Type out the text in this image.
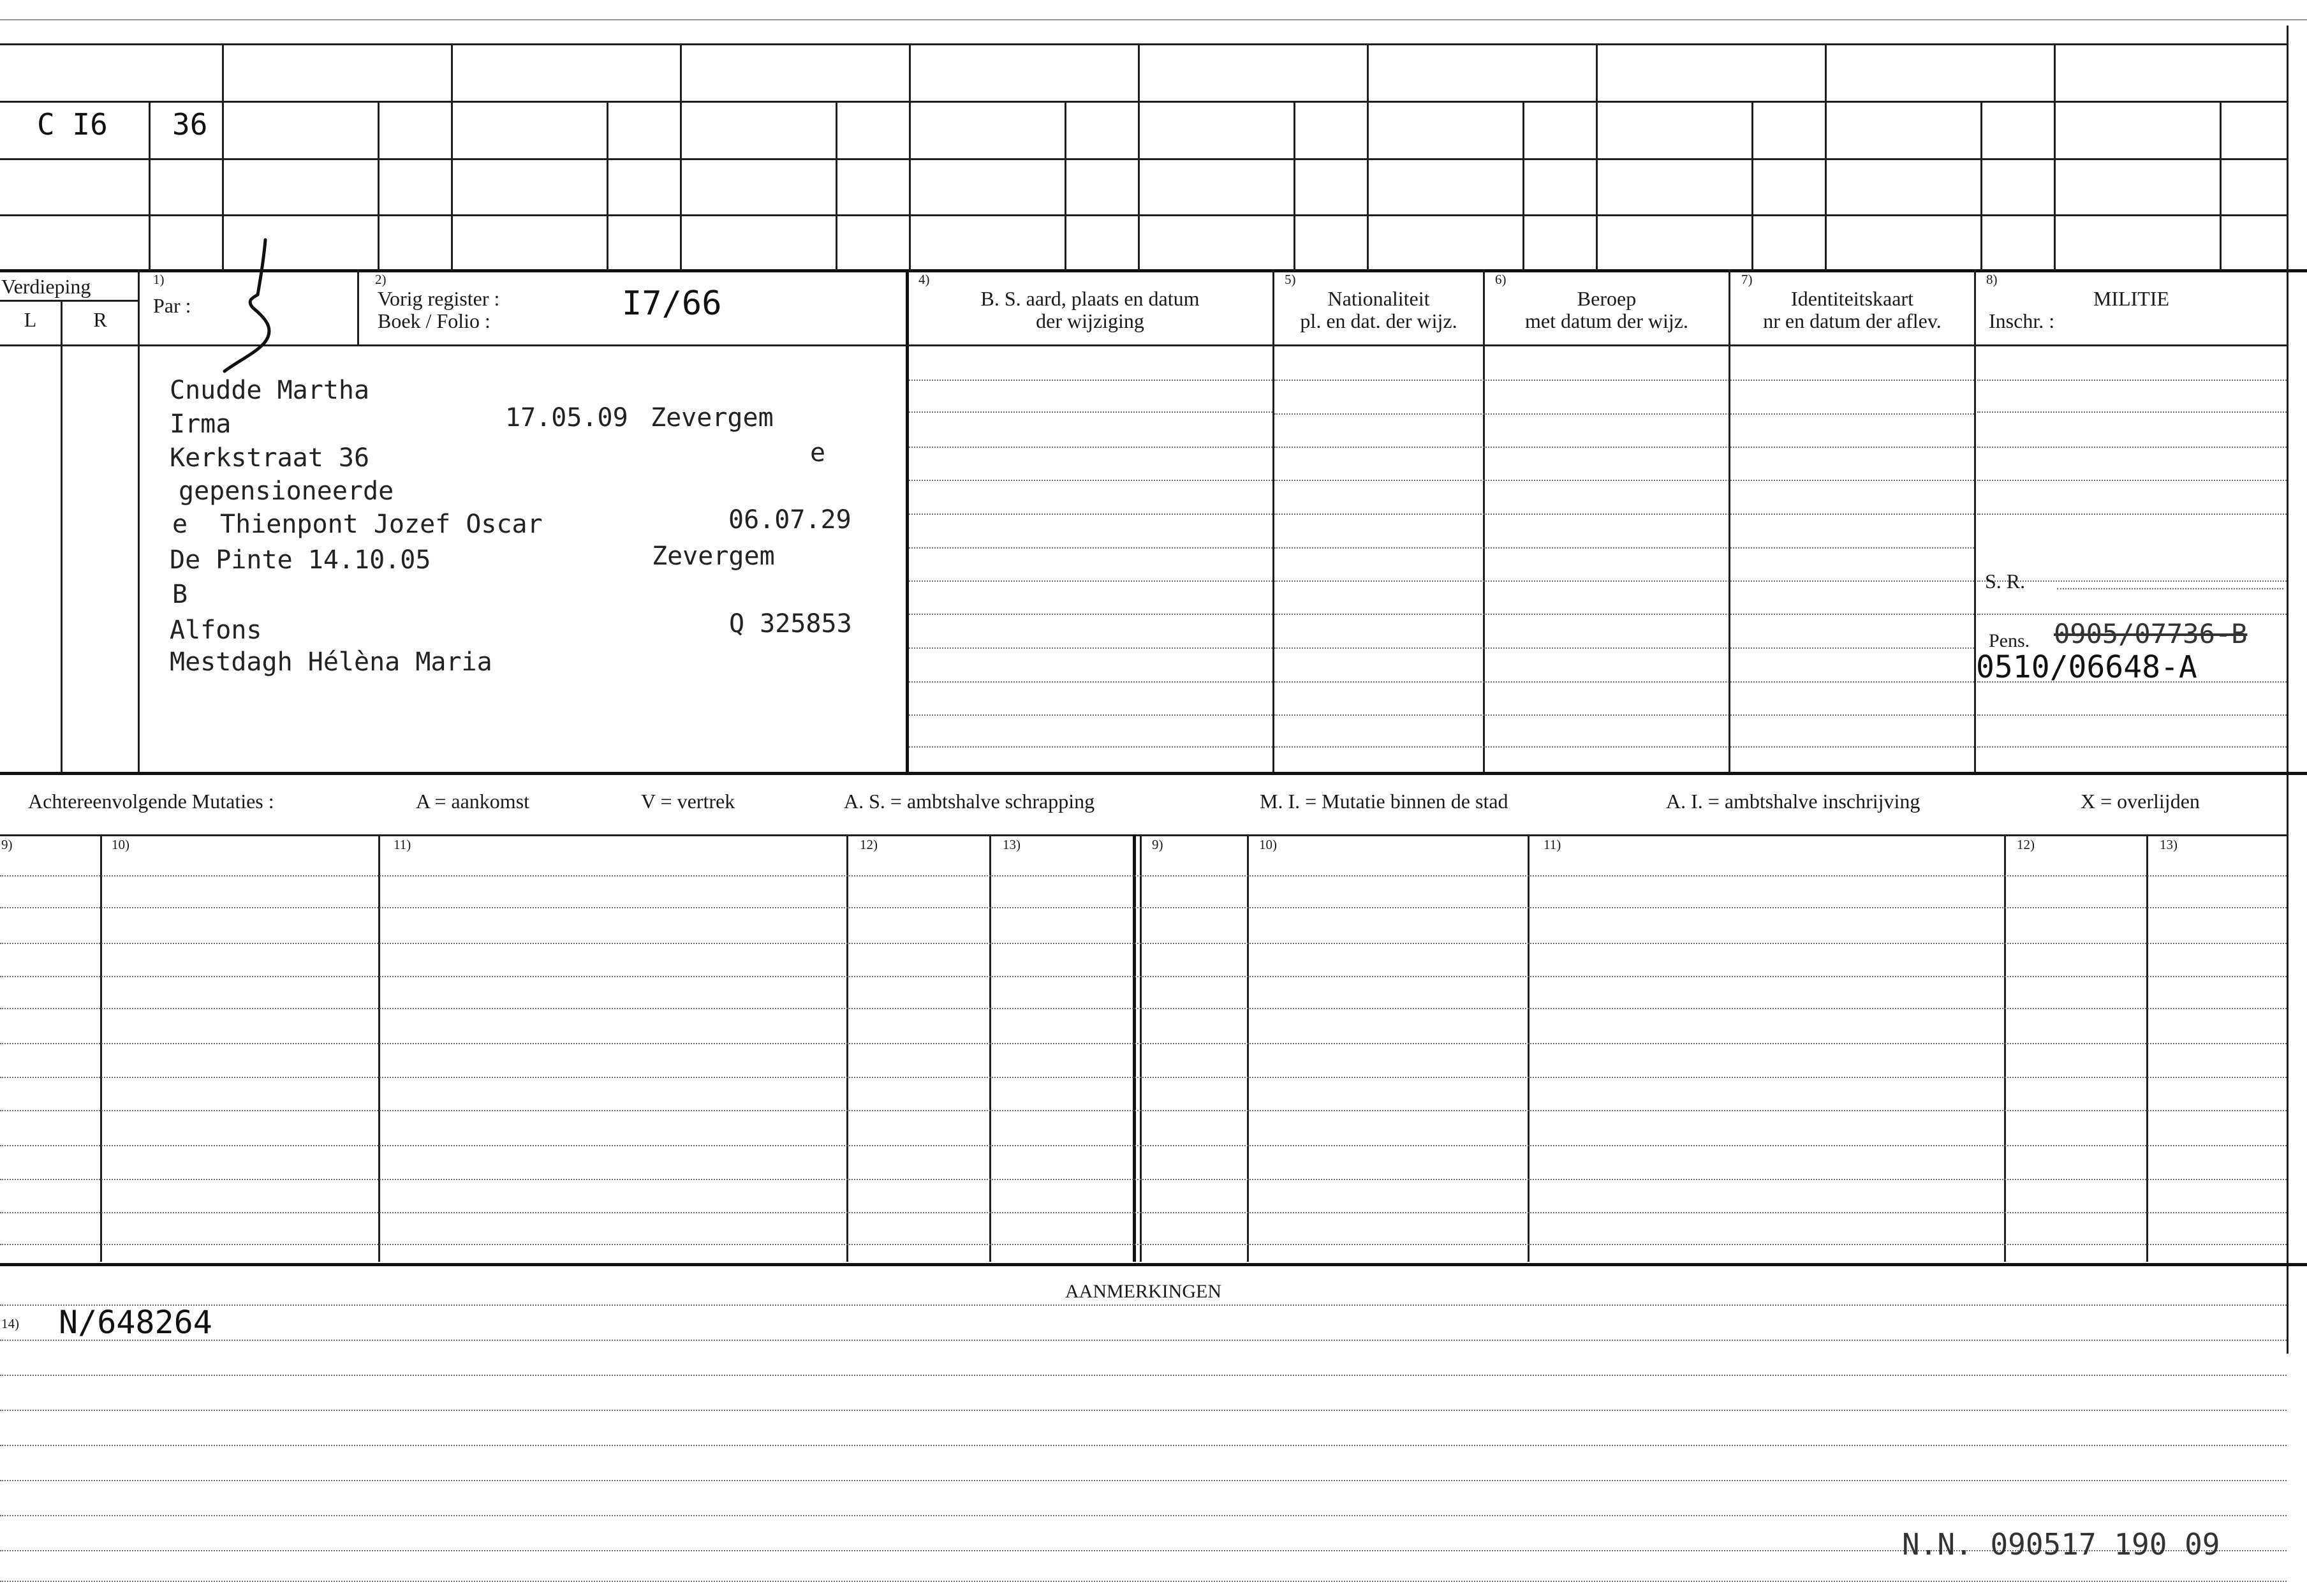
C I6 36
Verdieping
L	R
1)
Par :
2)
Vorig register :
Boek / Folio :	I7/66
4)
B. S. aard, plaats en datum
der wijziging
5)
Nationaliteit
pl. en dat. der wijz.
6)
Beroep
met datum der wijz.
7)
Identiteitskaart
nr en datum der aflev.
8)
MILITIE
Inschr. :
Cnudde Martha
Irma	17.05.09 Zevergem
Kerkstraat 36	e
gepensioneerde
e Thienpont Jozef Oscar	06.07.29
De Pinte 14.10.05	Zevergem
B
Alfons	Q 325853
Mestdagh Hélèna Maria
S. R.
Pens. 0905/07736-B
0510/06648-A
Achtereenvolgende Mutaties :	A = aankomst	V = vertrek	A. S. = ambtshalve schrapping	M. I. = Mutatie binnen de stad	A. I. = ambtshalve inschrijving	X = overlijden
9)	10)	11)	12)	13)	9)	10)	11)	12)	13)
AANMERKINGEN
14) N/648264
N.N. 090517 190 09
